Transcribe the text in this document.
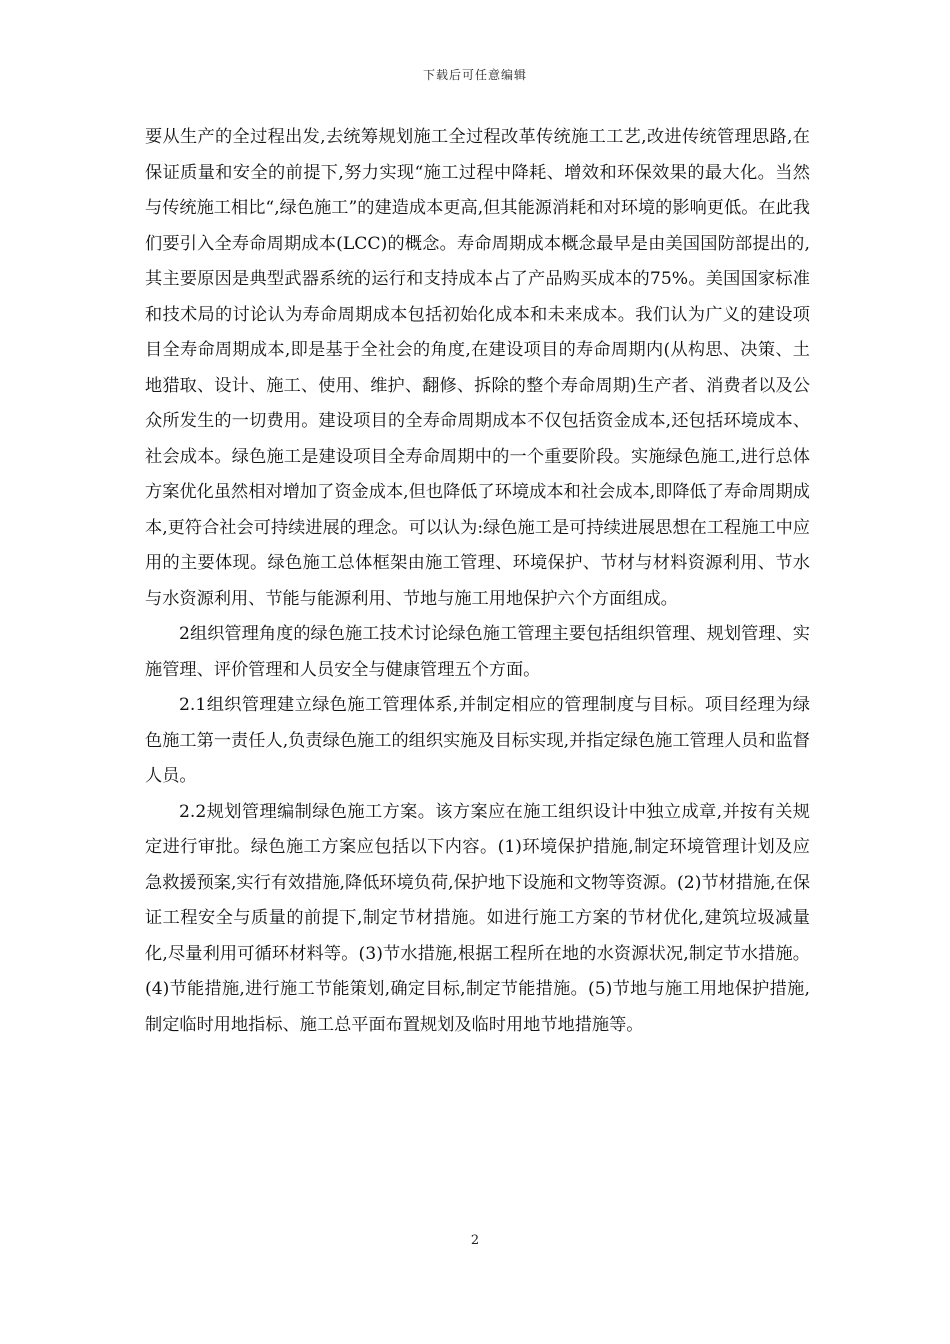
下载后可任意编辑

要从生产的全过程出发,去统筹规划施工全过程改革传统施工工艺,改进传统管理思路,在保证质量和安全的前提下,努力实现“施工过程中降耗、增效和环保效果的最大化。当然与传统施工相比“,绿色施工”的建造成本更高,但其能源消耗和对环境的影响更低。在此我们要引入全寿命周期成本(LCC)的概念。寿命周期成本概念最早是由美国国防部提出的,其主要原因是典型武器系统的运行和支持成本占了产品购买成本的75%。美国国家标准和技术局的讨论认为寿命周期成本包括初始化成本和未来成本。我们认为广义的建设项目全寿命周期成本,即是基于全社会的角度,在建设项目的寿命周期内(从构思、决策、土地猎取、设计、施工、使用、维护、翻修、拆除的整个寿命周期)生产者、消费者以及公众所发生的一切费用。建设项目的全寿命周期成本不仅包括资金成本,还包括环境成本、社会成本。绿色施工是建设项目全寿命周期中的一个重要阶段。实施绿色施工,进行总体方案优化虽然相对增加了资金成本,但也降低了环境成本和社会成本,即降低了寿命周期成本,更符合社会可持续进展的理念。可以认为:绿色施工是可持续进展思想在工程施工中应用的主要体现。绿色施工总体框架由施工管理、环境保护、节材与材料资源利用、节水与水资源利用、节能与能源利用、节地与施工用地保护六个方面组成。

2组织管理角度的绿色施工技术讨论绿色施工管理主要包括组织管理、规划管理、实施管理、评价管理和人员安全与健康管理五个方面。

2.1组织管理建立绿色施工管理体系,并制定相应的管理制度与目标。项目经理为绿色施工第一责任人,负责绿色施工的组织实施及目标实现,并指定绿色施工管理人员和监督人员。

2.2规划管理编制绿色施工方案。该方案应在施工组织设计中独立成章,并按有关规定进行审批。绿色施工方案应包括以下内容。(1)环境保护措施,制定环境管理计划及应急救援预案,实行有效措施,降低环境负荷,保护地下设施和文物等资源。(2)节材措施,在保证工程安全与质量的前提下,制定节材措施。如进行施工方案的节材优化,建筑垃圾减量化,尽量利用可循环材料等。(3)节水措施,根据工程所在地的水资源状况,制定节水措施。(4)节能措施,进行施工节能策划,确定目标,制定节能措施。(5)节地与施工用地保护措施,制定临时用地指标、施工总平面布置规划及临时用地节地措施等。

2
